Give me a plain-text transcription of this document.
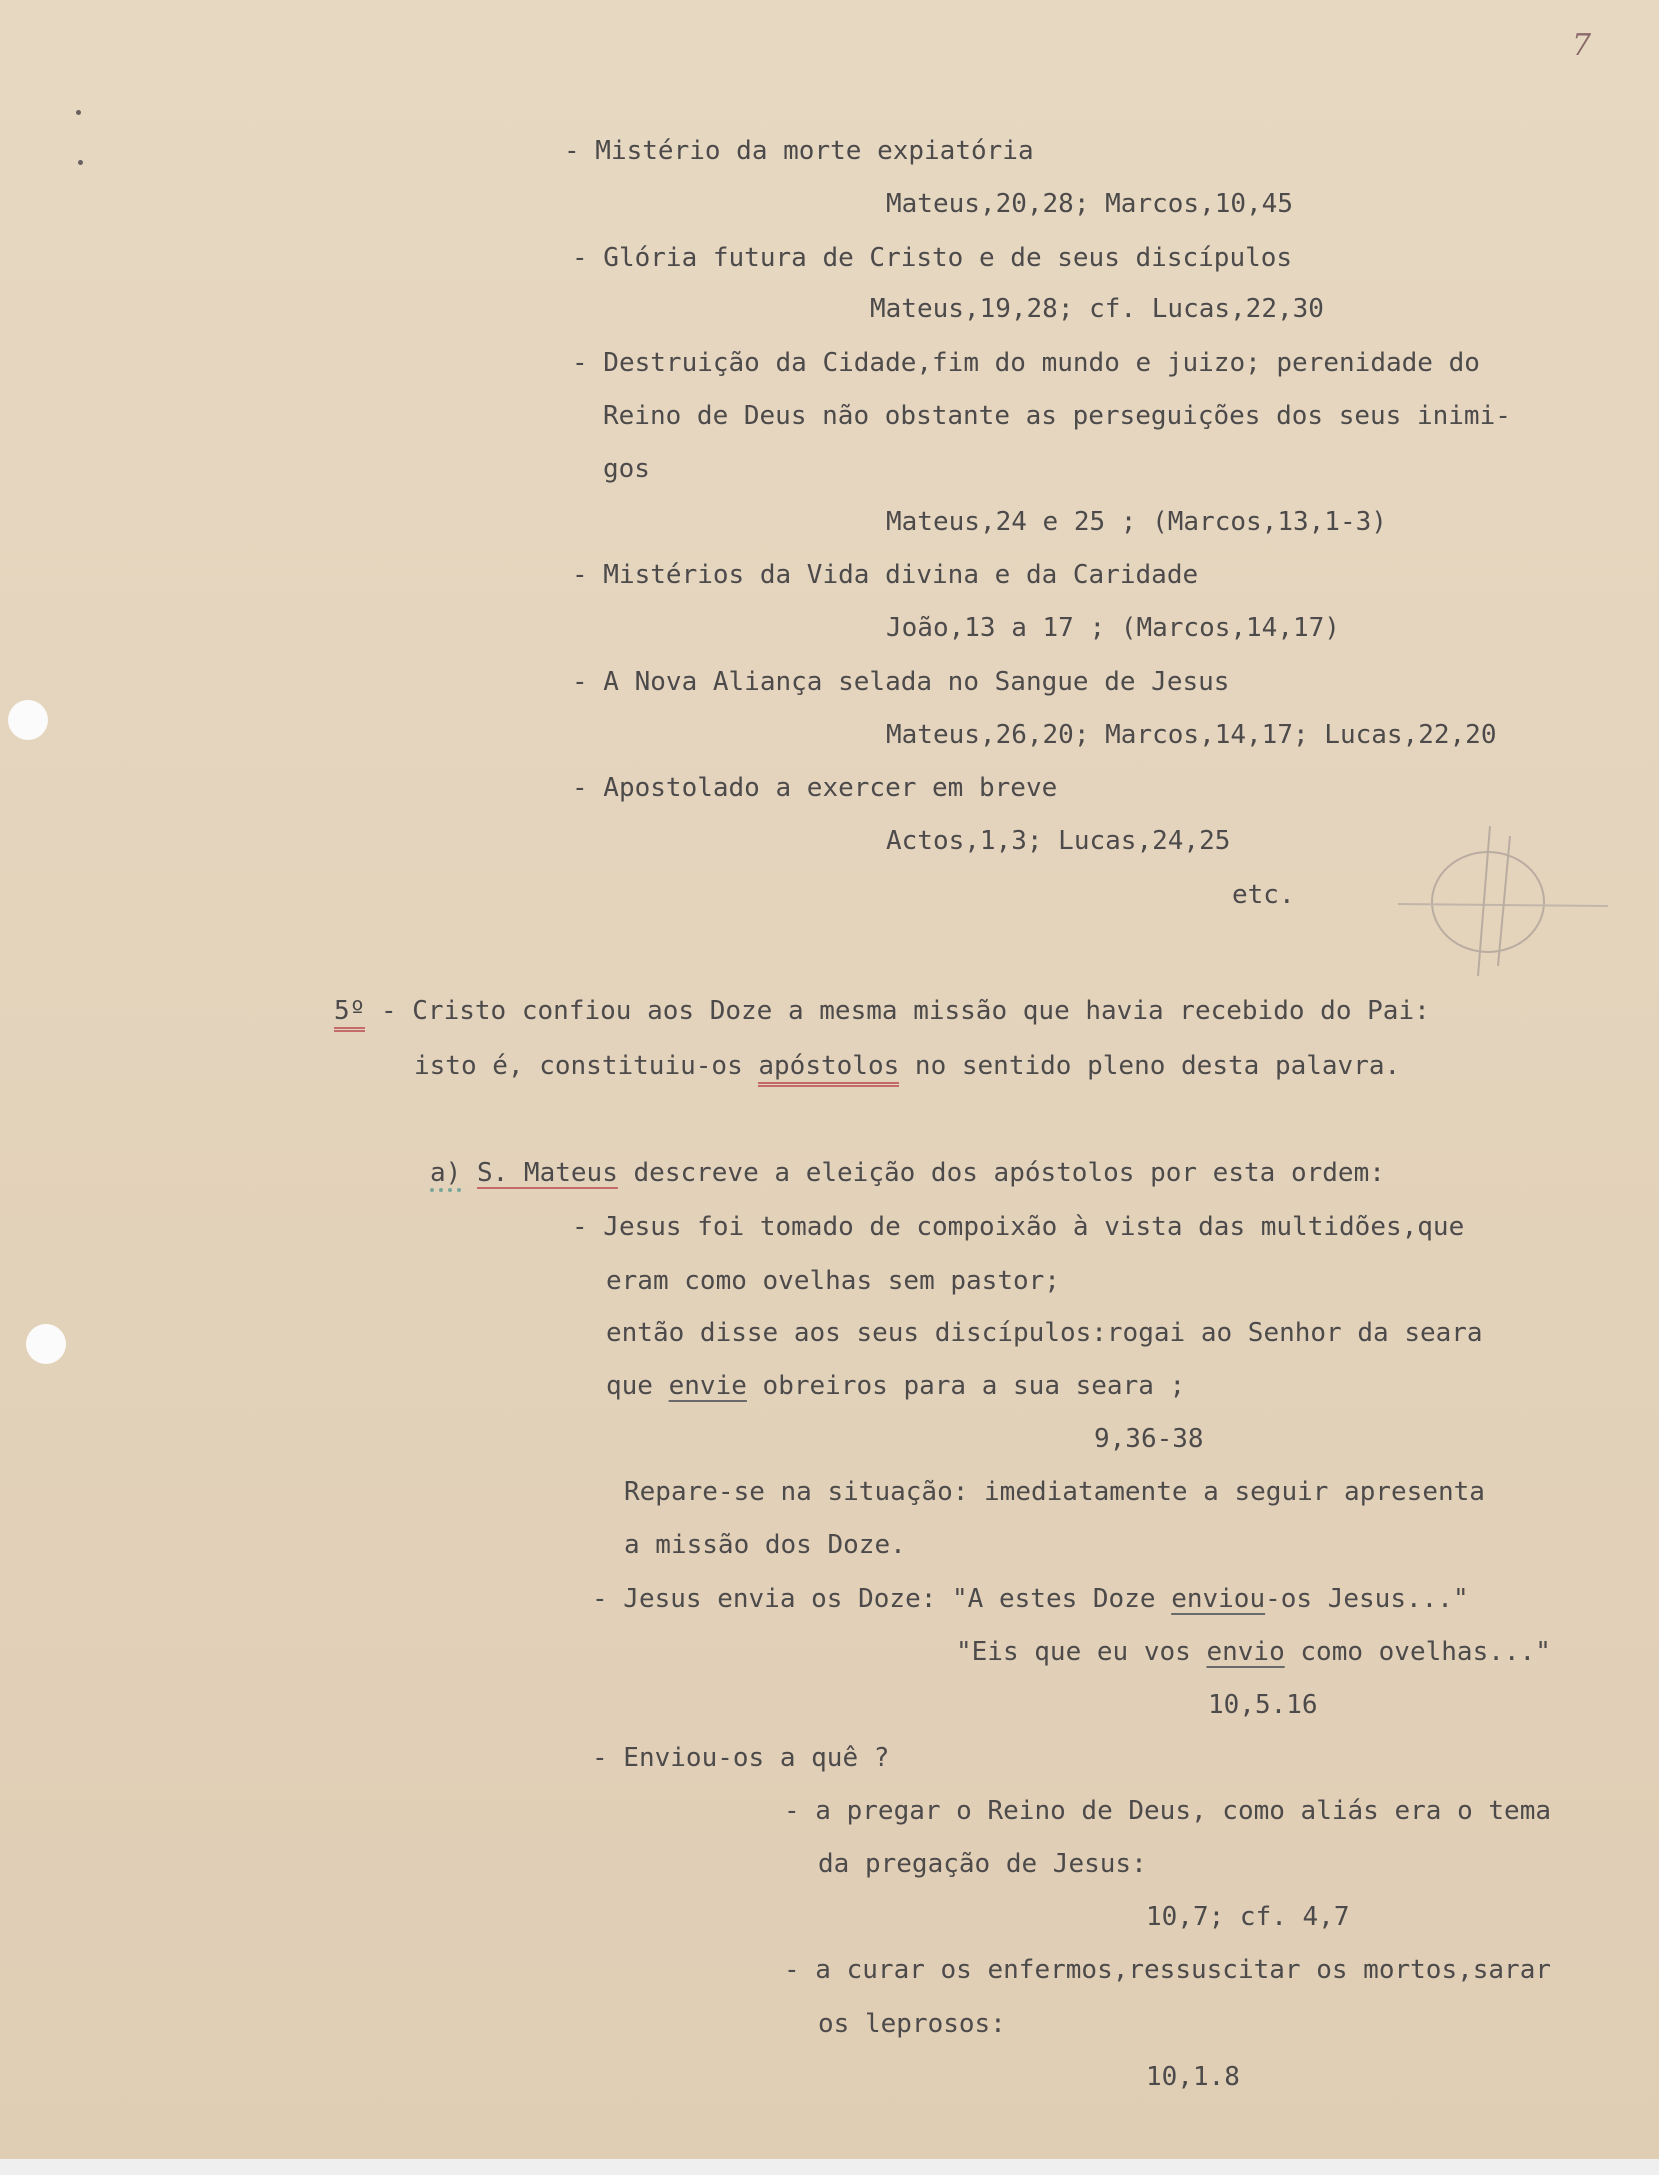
7
- Mistério da morte expiatória
Mateus,20,28; Marcos,10,45
- Glória futura de Cristo e de seus discípulos
Mateus,19,28; cf. Lucas,22,30
- Destruição da Cidade,fim do mundo e juizo; perenidade do
Reino de Deus não obstante as perseguições dos seus inimi-
gos
Mateus,24 e 25 ; (Marcos,13,1-3)
- Mistérios da Vida divina e da Caridade
João,13 a 17 ; (Marcos,14,17)
- A Nova Aliança selada no Sangue de Jesus
Mateus,26,20; Marcos,14,17; Lucas,22,20
- Apostolado a exercer em breve
Actos,1,3; Lucas,24,25
etc.
5º - Cristo confiou aos Doze a mesma missão que havia recebido do Pai:
isto é, constituiu-os apóstolos no sentido pleno desta palavra.
a) S. Mateus descreve a eleição dos apóstolos por esta ordem:
- Jesus foi tomado de compoixão à vista das multidões,que
eram como ovelhas sem pastor;
então disse aos seus discípulos:rogai ao Senhor da seara
que envie obreiros para a sua seara ;
9,36-38
Repare-se na situação: imediatamente a seguir apresenta
a missão dos Doze.
- Jesus envia os Doze: "A estes Doze enviou-os Jesus..."
"Eis que eu vos envio como ovelhas..."
10,5.16
- Enviou-os a quê ?
- a pregar o Reino de Deus, como aliás era o tema
da pregação de Jesus:
10,7; cf. 4,7
- a curar os enfermos,ressuscitar os mortos,sarar
os leprosos:
10,1.8
